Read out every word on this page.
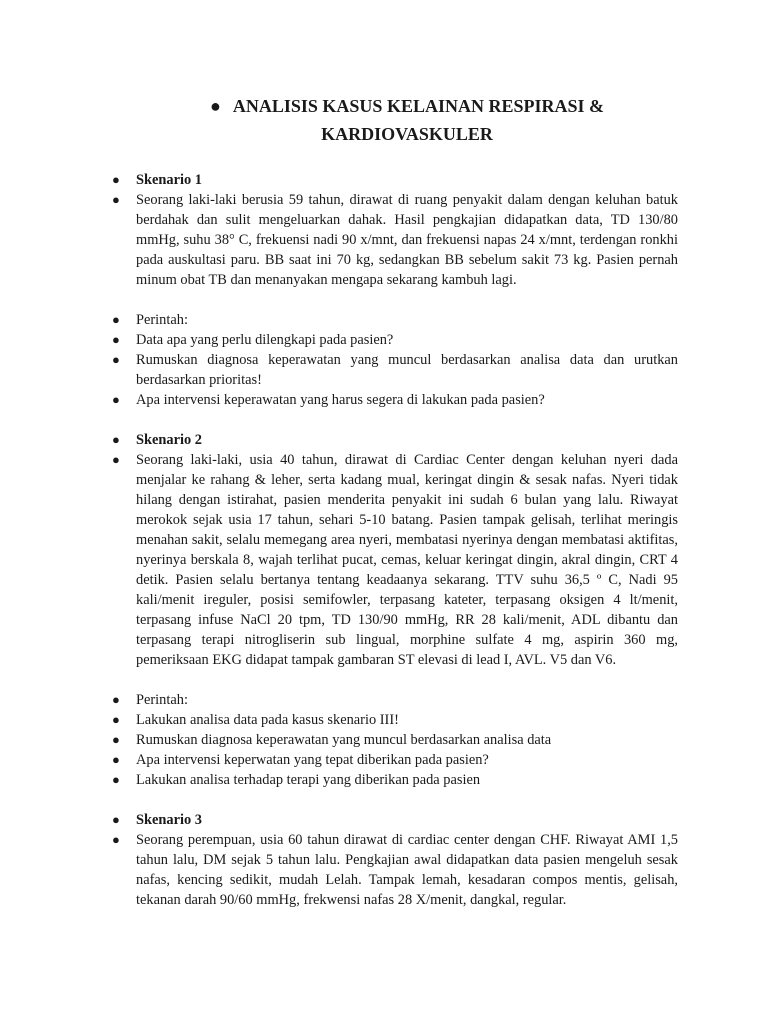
● ANALISIS KASUS KELAINAN RESPIRASI &
KARDIOVASKULER
● Skenario 1
● Seorang laki-laki berusia 59 tahun, dirawat di ruang penyakit dalam dengan keluhan batuk berdahak dan sulit mengeluarkan dahak. Hasil pengkajian didapatkan data, TD 130/80 mmHg, suhu 38° C, frekuensi nadi 90 x/mnt, dan frekuensi napas 24 x/mnt, terdengan ronkhi pada auskultasi paru. BB saat ini 70 kg, sedangkan BB sebelum sakit 73 kg. Pasien pernah minum obat TB dan menanyakan mengapa sekarang kambuh lagi.
● Perintah:
● Data apa yang perlu dilengkapi pada pasien?
● Rumuskan diagnosa keperawatan yang muncul berdasarkan analisa data dan urutkan berdasarkan prioritas!
● Apa intervensi keperawatan yang harus segera di lakukan pada pasien?
● Skenario 2
● Seorang laki-laki, usia 40 tahun, dirawat di Cardiac Center dengan keluhan nyeri dada menjalar ke rahang & leher, serta kadang mual, keringat dingin & sesak nafas. Nyeri tidak hilang dengan istirahat, pasien menderita penyakit ini sudah 6 bulan yang lalu. Riwayat merokok sejak usia 17 tahun, sehari 5-10 batang. Pasien tampak gelisah, terlihat meringis menahan sakit, selalu memegang area nyeri, membatasi nyerinya dengan membatasi aktifitas, nyerinya berskala 8, wajah terlihat pucat, cemas, keluar keringat dingin, akral dingin, CRT 4 detik. Pasien selalu bertanya tentang keadaanya sekarang. TTV suhu 36,5 º C, Nadi 95 kali/menit ireguler, posisi semifowler, terpasang kateter, terpasang oksigen 4 lt/menit, terpasang infuse NaCl 20 tpm, TD 130/90 mmHg, RR 28 kali/menit, ADL dibantu dan terpasang terapi nitrogliserin sub lingual, morphine sulfate 4 mg, aspirin 360 mg, pemeriksaan EKG didapat tampak gambaran ST elevasi di lead I, AVL. V5 dan V6.
● Perintah:
● Lakukan analisa data pada kasus skenario III!
● Rumuskan diagnosa keperawatan yang muncul berdasarkan analisa data
● Apa intervensi keperwatan yang tepat diberikan pada pasien?
● Lakukan analisa terhadap terapi yang diberikan pada pasien
● Skenario 3
● Seorang perempuan, usia 60 tahun dirawat di cardiac center dengan CHF. Riwayat AMI 1,5 tahun lalu, DM sejak 5 tahun lalu. Pengkajian awal didapatkan data pasien mengeluh sesak nafas, kencing sedikit, mudah Lelah. Tampak lemah, kesadaran compos mentis, gelisah, tekanan darah 90/60 mmHg, frekwensi nafas 28 X/menit, dangkal, regular.
